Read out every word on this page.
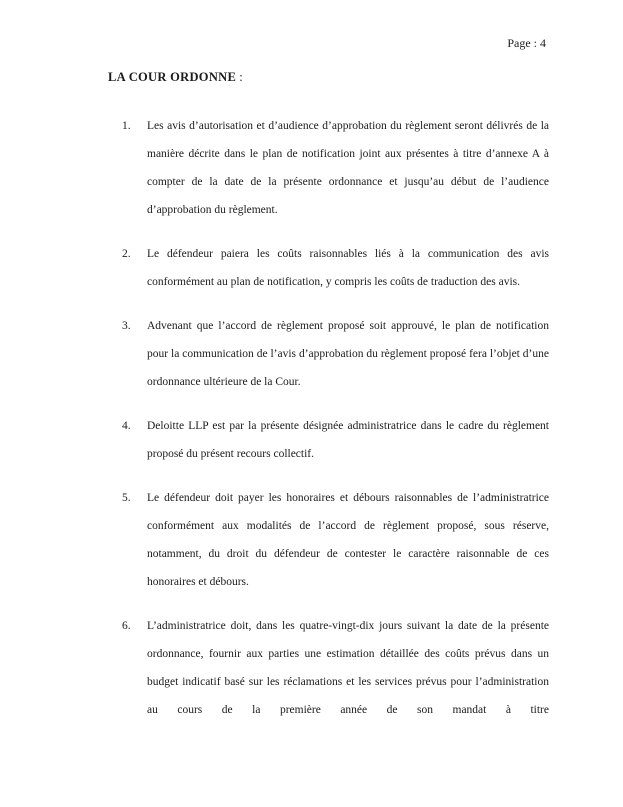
Page : 4
LA COUR ORDONNE :
1.	Les avis d’autorisation et d’audience d’approbation du règlement seront délivrés de la manière décrite dans le plan de notification joint aux présentes à titre d’annexe A à compter de la date de la présente ordonnance et jusqu’au début de l’audience d’approbation du règlement.

2.	Le défendeur paiera les coûts raisonnables liés à la communication des avis conformément au plan de notification, y compris les coûts de traduction des avis.

3.	Advenant que l’accord de règlement proposé soit approuvé, le plan de notification pour la communication de l’avis d’approbation du règlement proposé fera l’objet d’une ordonnance ultérieure de la Cour.

4.	Deloitte LLP est par la présente désignée administratrice dans le cadre du règlement proposé du présent recours collectif.

5.	Le défendeur doit payer les honoraires et débours raisonnables de l’administratrice conformément aux modalités de l’accord de règlement proposé, sous réserve, notamment, du droit du défendeur de contester le caractère raisonnable de ces honoraires et débours.

6.	L’administratrice doit, dans les quatre-vingt-dix jours suivant la date de la présente ordonnance, fournir aux parties une estimation détaillée des coûts prévus dans un budget indicatif basé sur les réclamations et les services prévus pour l’administration au cours de la première année de son mandat à titre
